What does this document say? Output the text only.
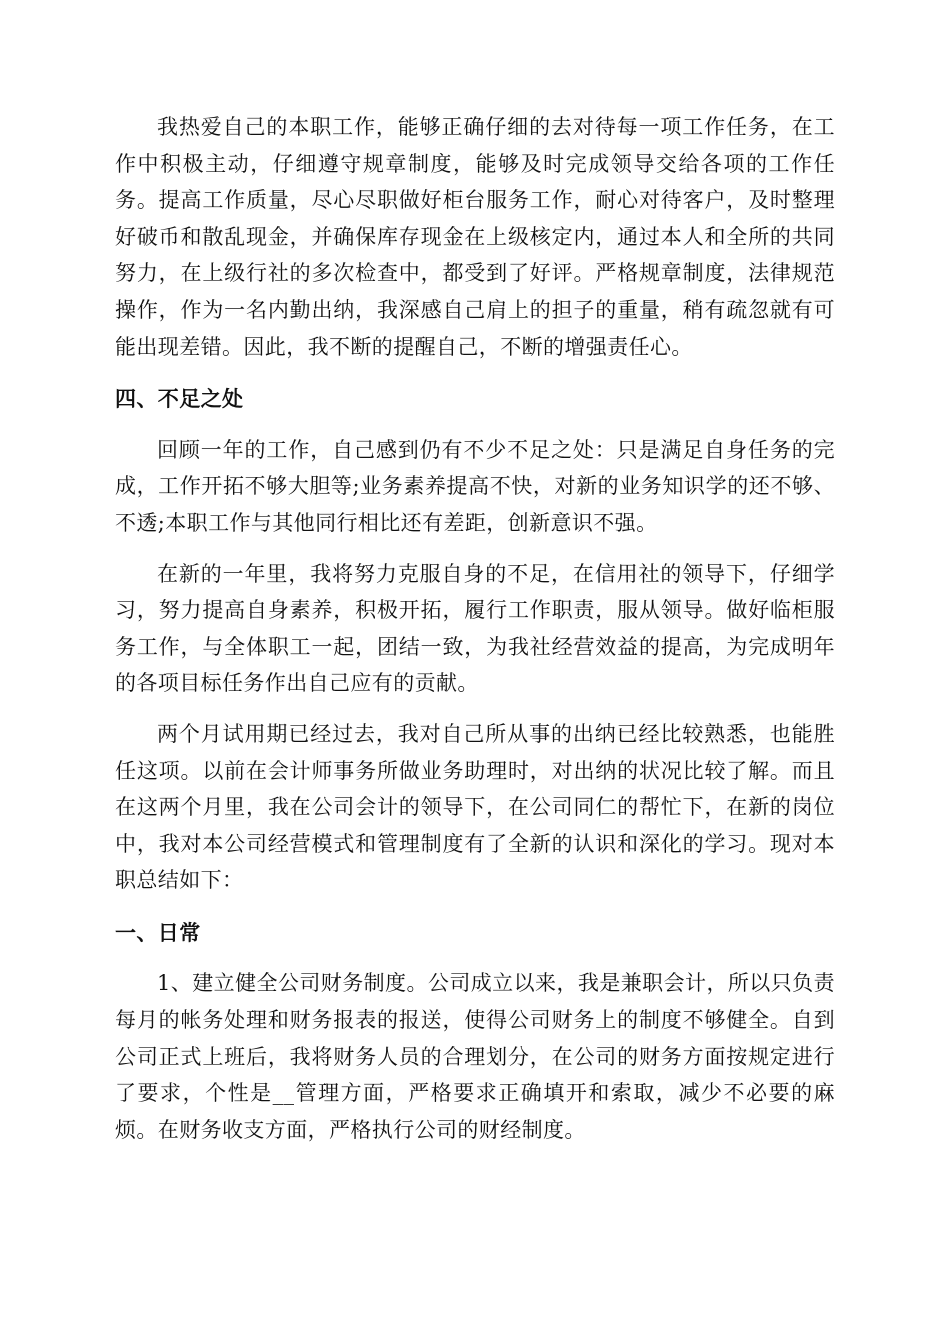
我热爱自己的本职工作，能够正确仔细的去对待每一项工作任务，在工作中积极主动，仔细遵守规章制度，能够及时完成领导交给各项的工作任务。提高工作质量，尽心尽职做好柜台服务工作，耐心对待客户，及时整理好破币和散乱现金，并确保库存现金在上级核定内，通过本人和全所的共同努力，在上级行社的多次检查中，都受到了好评。严格规章制度，法律规范操作，作为一名内勤出纳，我深感自己肩上的担子的重量，稍有疏忽就有可能出现差错。因此，我不断的提醒自己，不断的增强责任心。

四、不足之处

回顾一年的工作，自己感到仍有不少不足之处：只是满足自身任务的完成，工作开拓不够大胆等;业务素养提高不快，对新的业务知识学的还不够、不透;本职工作与其他同行相比还有差距，创新意识不强。

在新的一年里，我将努力克服自身的不足，在信用社的领导下，仔细学习，努力提高自身素养，积极开拓，履行工作职责，服从领导。做好临柜服务工作，与全体职工一起，团结一致，为我社经营效益的提高，为完成明年的各项目标任务作出自己应有的贡献。

两个月试用期已经过去，我对自己所从事的出纳已经比较熟悉，也能胜任这项。以前在会计师事务所做业务助理时，对出纳的状况比较了解。而且在这两个月里，我在公司会计的领导下，在公司同仁的帮忙下，在新的岗位中，我对本公司经营模式和管理制度有了全新的认识和深化的学习。现对本职总结如下：

一、日常

1、建立健全公司财务制度。公司成立以来，我是兼职会计，所以只负责每月的帐务处理和财务报表的报送，使得公司财务上的制度不够健全。自到公司正式上班后，我将财务人员的合理划分，在公司的财务方面按规定进行了要求，个性是__管理方面，严格要求正确填开和索取，减少不必要的麻烦。在财务收支方面，严格执行公司的财经制度。
